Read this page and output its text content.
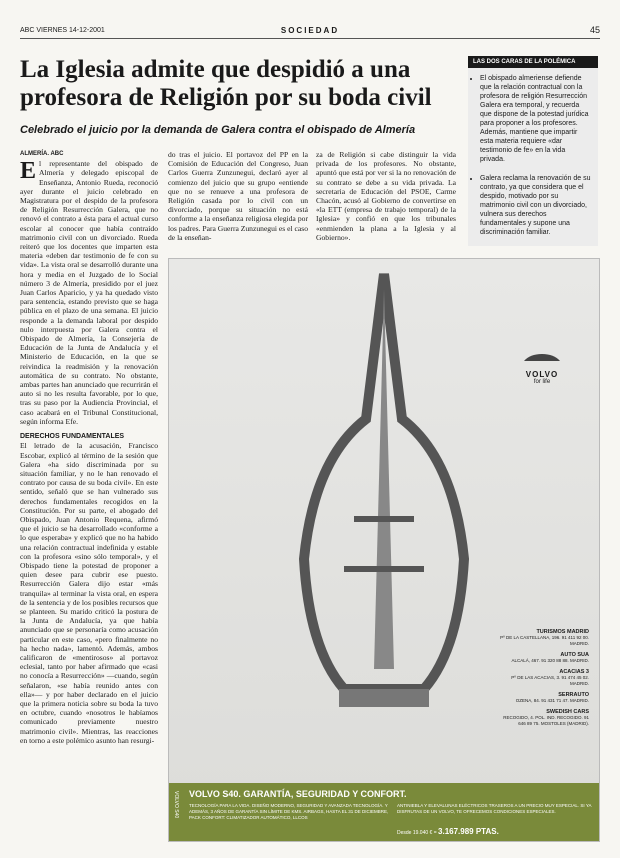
ABC VIERNES 14-12-2001	SOCIEDAD	45
La Iglesia admite que despidió a una profesora de Religión por su boda civil
Celebrado el juicio por la demanda de Galera contra el obispado de Almería
LAS DOS CARAS DE LA POLÉMICA
• El obispado almeriense defiende que la relación contractual con la profesora de religión Resurrección Galera era temporal, y recuerda que dispone de la potestad jurídica para proponer a los profesores. Además, mantiene que impartir esta materia requiere «dar testimonio de fe» en la vida privada.
• Galera reclama la renovación de su contrato, ya que considera que el despido, motivado por su matrimonio civil con un divorciado, vulnera sus derechos fundamentales y supone una discriminación familiar.
ALMERÍA. ABC
E l representante del obispado de Almería y delegado episcopal de Enseñanza, Antonio Rueda, reconoció ayer durante el juicio celebrado en Magistratura por el despido de la profesora de Religión Resurrección Galera, que no renovó el contrato a ésta para el actual curso escolar al conocer que había contraído matrimonio civil con un divorciado. Rueda reiteró que los docentes que imparten esta materia «deben dar testimonio de fe con su vida». La vista oral se desarrolló durante una hora y media en el Juzgado de lo Social número 3 de Almería, presidido por el juez Juan Carlos Aparicio, y ya ha quedado visto para sentencia, estando previsto que se haga pública en el plazo de una semana. El juicio responde a la demanda laboral por despido nulo interpuesta por Galera contra el Obispado de Almería, la Consejería de Educación de la Junta de Andalucía y el Ministerio de Educación, en la que se reivindica la readmisión y la renovación automática de su contrato. No obstante, ambas partes han anunciado que recurrirán el auto si no les resulta favorable, por lo que, tras su paso por la Audiencia Provincial, el caso acabará en el Tribunal Constitucional, según informa Efe.

DERECHOS FUNDAMENTALES

El letrado de la acusación, Francisco Escobar, explicó al término de la sesión que Galera «ha sido discriminada por su situación familiar, y no le han renovado el contrato por causa de su boda civil». En este sentido, señaló que se han vulnerado sus derechos fundamentales recogidos en la Constitución. Por su parte, el abogado del Obispado, Juan Antonio Requena, afirmó que el juicio se ha desarrollado «conforme a lo que esperaba» y explicó que no ha habido una relación contractual indefinida y estable con la profesora «sino sólo temporal», y el Obispado tiene la potestad de proponer a quien desee para cubrir ese puesto. Resurrección Galera dijo estar «más tranquila» al terminar la vista oral, en espera de la sentencia y de los posibles recursos que se planteen. Su marido criticó la postura de la Junta de Andalucía, ya que había anunciado que se personaría como acusación particular en este caso, «pero finalmente no ha hecho nada», lamentó. Además, ambos calificaron de «mentirosos» al portavoz eclesial, tanto por haber afirmado que «casi no conocía a Resurrección» —cuando, según señalaron, «se había reunido antes con ella»— y por haber declarado en el juicio que la primera noticia sobre su boda la tuvo en octubre, cuando «nosotros le habíamos comunicado previamente nuestro matrimonio civil». Mientras, las reacciones en torno a este polémico asunto han resurgi-

do tras el juicio. El portavoz del PP en la Comisión de Educación del Congreso, Juan Carlos Guerra Zunzunegui, declaró ayer al comienzo del juicio que su grupo «entiende que no se renueve a una profesora de Religión casada por lo civil con un divorciado, porque su situación no está conforme a la enseñanza religiosa elegida por los padres. Para Guerra Zunzunegui es el caso de la enseñan-
za de Religión si cabe distinguir la vida privada de los profesores. No obstante, apuntó que está por ver si la no renovación de su contrato se debe a su vida privada. La secretaria de Educación del PSOE, Carme Chacón, acusó al Gobierno de convertirse en «la ETT (empresa de trabajo temporal) de la Iglesia» y confió en que los tribunales «enmienden la plana a la Iglesia y al Gobierno».
VOLVO
for life
TURISMOS MADRID
Pº DE LA CASTELLANA, 196. 91 411 92 00. MADRID.
AUTO SUA
ALCALÁ, 467. 91 320 88 88. MADRID.
ACACIAS 3
Pº DE LAS ACACIAS, 3. 91 474 45 02. MADRID.
SERRAUTO
OZENA, 84. 91 431 71 47. MADRID.
SWEDISH CARS
RECOGIDO, 4. POL. IND. RECOGIDO. 91 646 89 75. MOSTOLES (MADRID).
VOLVO S40 VOLVO S40. GARANTÍA, SEGURIDAD Y CONFORT.
TECNOLOGÍA PARA LA VIDA. DISEÑO MODERNO, SEGURIDAD Y AVANZADA TECNOLOGÍA. Y ADEMÁS, 3 AÑOS DE GARANTÍA SIN LÍMITE DE KMS. AIRBAGS, HASTA EL 31 DE DICIEMBRE, PACK CONFORT: CLIMATIZADOR AUTOMÁTICO, LLCOS
ANTINIEBLA Y ELEVALUNAS ELÉCTRICOS TRASEROS A UN PRECIO MUY ESPECIAL. SI YA DISFRUTAS DE UN VOLVO, TE OFRECEMOS CONDICIONES ESPECIALES.
Desde 19.040 € = 3.167.989 PTAS.
